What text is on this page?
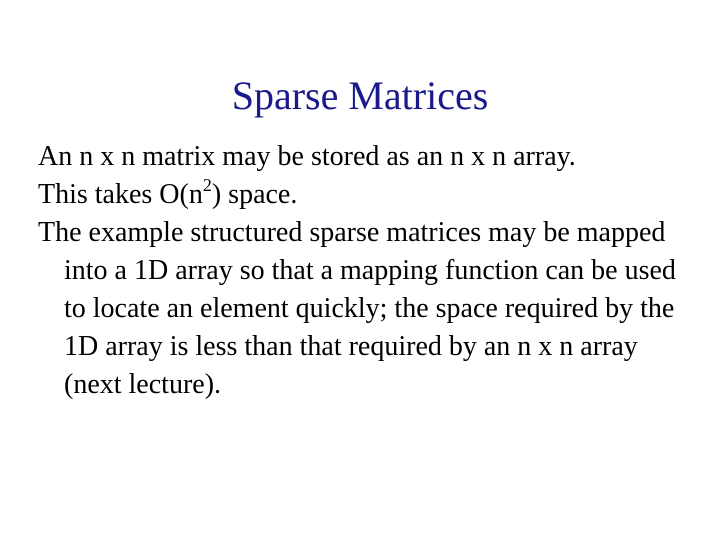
Sparse Matrices

An n x n matrix may be stored as an n x n array.

This takes $O(n^2)$ space.

The example structured sparse matrices may be mapped into a 1D array so that a mapping function can be used to locate an element quickly; the space required by the 1D array is less than that required by an n x n array (next lecture).
